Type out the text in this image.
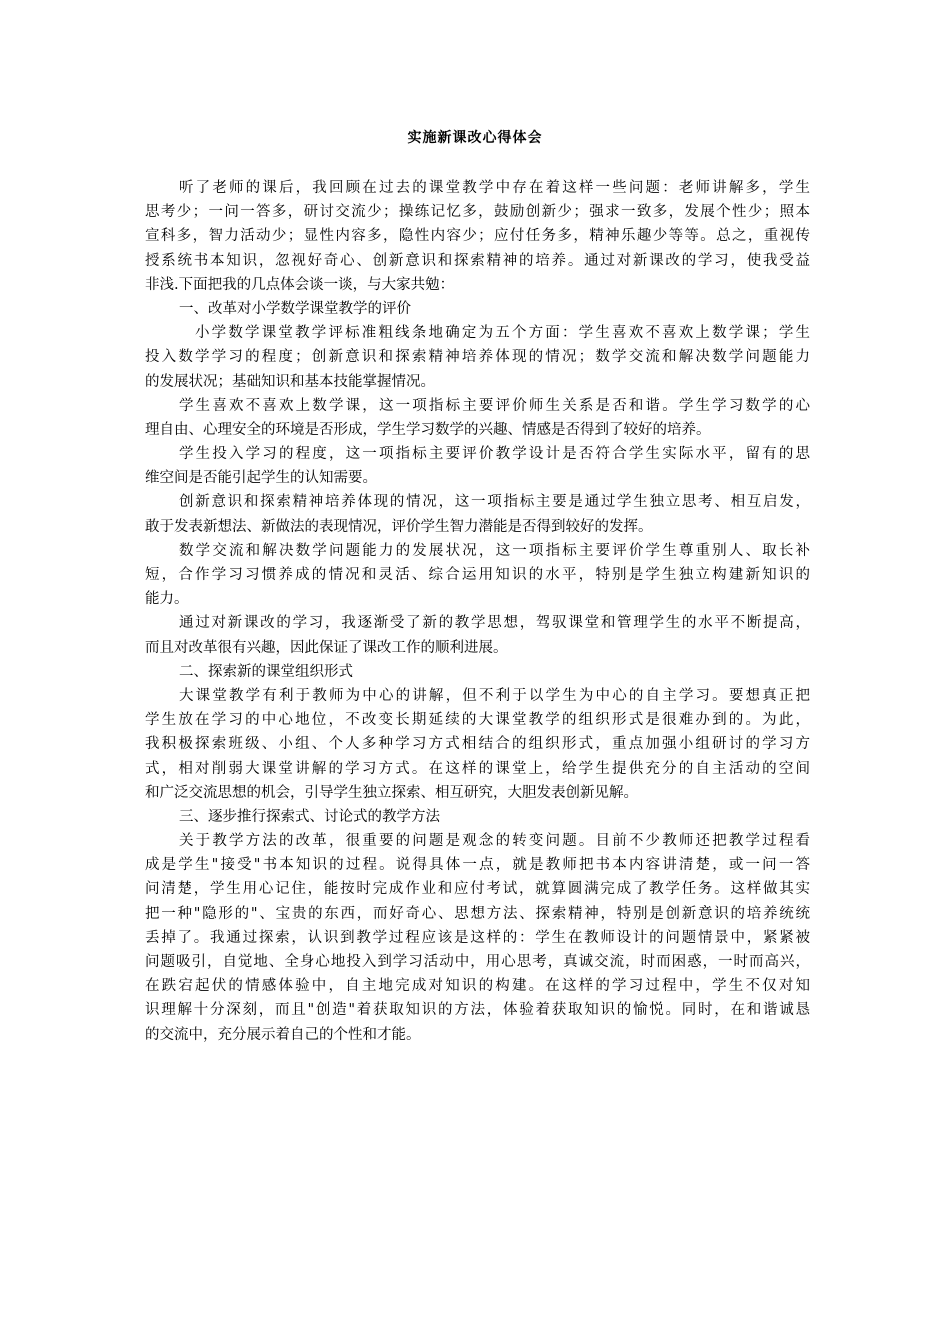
实施新课改心得体会
听了老师的课后，我回顾在过去的课堂教学中存在着这样一些问题：老师讲解多，学生
思考少；一问一答多，研讨交流少；操练记忆多，鼓励创新少；强求一致多，发展个性少；照本
宣科多，智力活动少；显性内容多，隐性内容少；应付任务多，精神乐趣少等等。总之，重视传
授系统书本知识，忽视好奇心、创新意识和探索精神的培养。通过对新课改的学习，使我受益
非浅.下面把我的几点体会谈一谈，与大家共勉：
一、改革对小学数学课堂教学的评价
小学数学课堂教学评标准粗线条地确定为五个方面：学生喜欢不喜欢上数学课；学生
投入数学学习的程度；创新意识和探索精神培养体现的情况；数学交流和解决数学问题能力
的发展状况；基础知识和基本技能掌握情况。
学生喜欢不喜欢上数学课，这一项指标主要评价师生关系是否和谐。学生学习数学的心
理自由、心理安全的环境是否形成，学生学习数学的兴趣、情感是否得到了较好的培养。
学生投入学习的程度，这一项指标主要评价教学设计是否符合学生实际水平，留有的思
维空间是否能引起学生的认知需要。
创新意识和探索精神培养体现的情况，这一项指标主要是通过学生独立思考、相互启发，
敢于发表新想法、新做法的表现情况，评价学生智力潜能是否得到较好的发挥。
数学交流和解决数学问题能力的发展状况，这一项指标主要评价学生尊重别人、取长补
短，合作学习习惯养成的情况和灵活、综合运用知识的水平，特别是学生独立构建新知识的
能力。
通过对新课改的学习，我逐渐受了新的教学思想，驾驭课堂和管理学生的水平不断提高，
而且对改革很有兴趣，因此保证了课改工作的顺利进展。
二、探索新的课堂组织形式
大课堂教学有利于教师为中心的讲解，但不利于以学生为中心的自主学习。要想真正把
学生放在学习的中心地位，不改变长期延续的大课堂教学的组织形式是很难办到的。为此，
我积极探索班级、小组、个人多种学习方式相结合的组织形式，重点加强小组研讨的学习方
式，相对削弱大课堂讲解的学习方式。在这样的课堂上，给学生提供充分的自主活动的空间
和广泛交流思想的机会，引导学生独立探索、相互研究，大胆发表创新见解。
三、逐步推行探索式、讨论式的教学方法
关于教学方法的改革，很重要的问题是观念的转变问题。目前不少教师还把教学过程看
成是学生"接受"书本知识的过程。说得具体一点，就是教师把书本内容讲清楚，或一问一答
问清楚，学生用心记住，能按时完成作业和应付考试，就算圆满完成了教学任务。这样做其实
把一种"隐形的"、宝贵的东西，而好奇心、思想方法、探索精神，特别是创新意识的培养统统
丢掉了。我通过探索，认识到教学过程应该是这样的：学生在教师设计的问题情景中，紧紧被
问题吸引，自觉地、全身心地投入到学习活动中，用心思考，真诚交流，时而困惑，一时而高兴，
在跌宕起伏的情感体验中，自主地完成对知识的构建。在这样的学习过程中，学生不仅对知
识理解十分深刻，而且"创造"着获取知识的方法，体验着获取知识的愉悦。同时，在和谐诚恳
的交流中，充分展示着自己的个性和才能。
